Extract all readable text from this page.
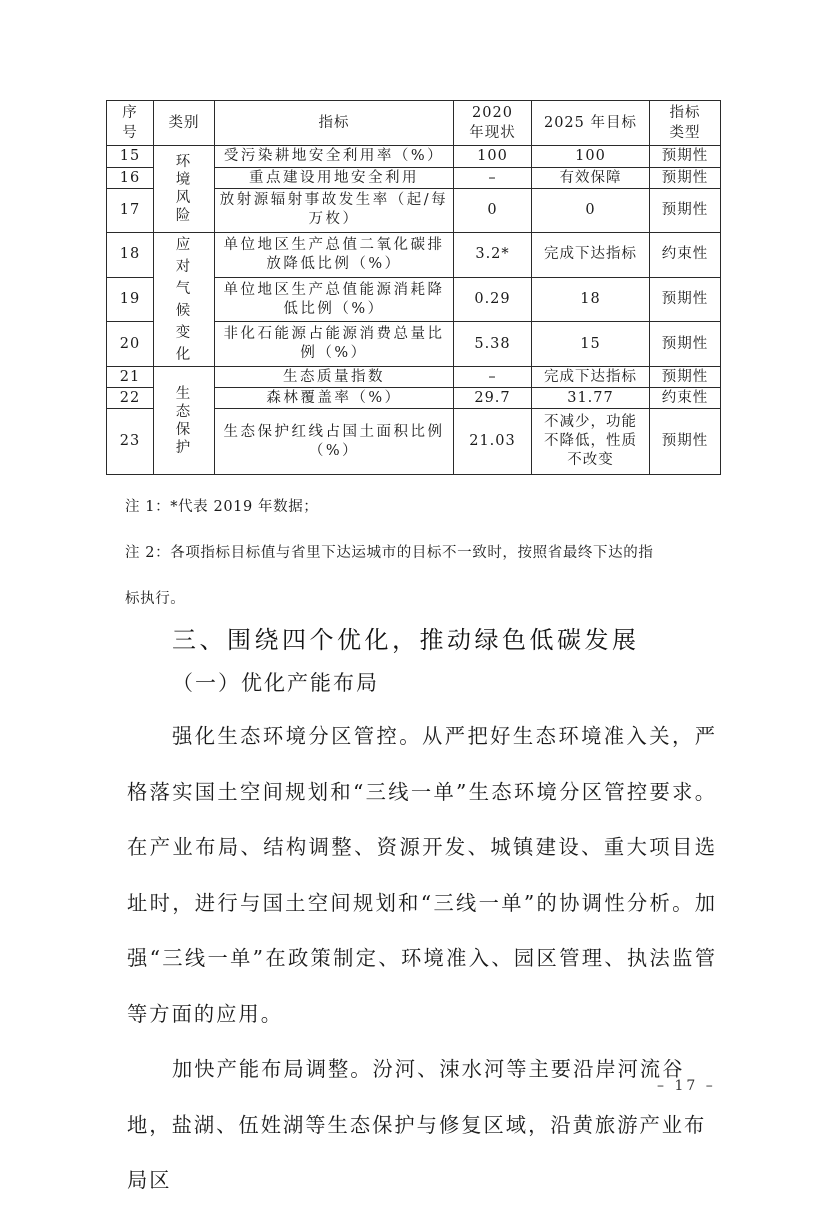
序号	类别	指标	2020 年现状	2025 年目标	指标类型
15	环境风险	受污染耕地安全利用率（%）	100	100	预期性
16		重点建设用地安全利用	–	有效保障	预期性
17		放射源辐射事故发生率（起/每万枚）	0	0	预期性
18	应对气候变化	单位地区生产总值二氧化碳排放降低比例（%）	3.2*	完成下达指标	约束性
19		单位地区生产总值能源消耗降低比例（%）	0.29	18	预期性
20		非化石能源占能源消费总量比例（%）	5.38	15	预期性
21	生态保护	生态质量指数	–	完成下达指标	预期性
22		森林覆盖率（%）	29.7	31.77	约束性
23		生态保护红线占国土面积比例（%）	21.03	不减少，功能不降低，性质不改变	预期性
注 1：*代表 2019 年数据；
注 2：各项指标目标值与省里下达运城市的目标不一致时，按照省最终下达的指
标执行。
三、围绕四个优化，推动绿色低碳发展
（一）优化产能布局

强化生态环境分区管控。从严把好生态环境准入关，严格落实国土空间规划和“三线一单”生态环境分区管控要求。在产业布局、结构调整、资源开发、城镇建设、重大项目选址时，进行与国土空间规划和“三线一单”的协调性分析。加强“三线一单”在政策制定、环境准入、园区管理、执法监管等方面的应用。

加快产能布局调整。汾河、涑水河等主要沿岸河流谷地，盐湖、伍姓湖等生态保护与修复区域，沿黄旅游产业布局区

– 17 –
